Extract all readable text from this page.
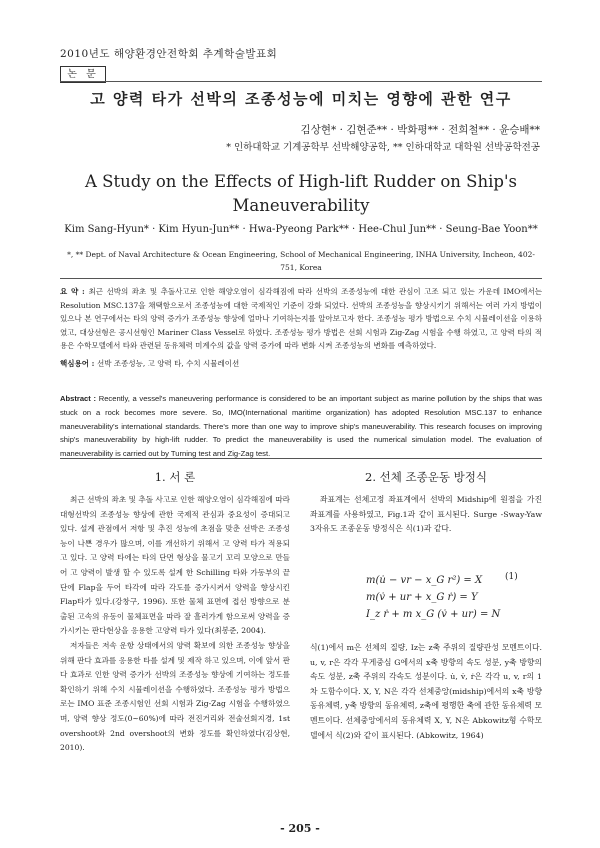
2010년도 해양환경안전학회 추계학술발표회
논 문
고 양력 타가 선박의 조종성능에 미치는 영향에 관한 연구
김상현* · 김현준** · 박화평** · 전희철** · 윤승배**
* 인하대학교 기계공학부 선박해양공학, ** 인하대학교 대학원 선박공학전공
A Study on the Effects of High-lift Rudder on Ship's
Maneuverability
Kim Sang-Hyun* · Kim Hyun-Jun** · Hwa-Pyeong Park** · Hee-Chul Jun** · Seung-Bae Yoon**
*, ** Dept. of Naval Architecture & Ocean Engineering, School of Mechanical Engineering, INHA University, Incheon, 402-751, Korea
요 약 : 최근 선박의 좌초 및 추돌사고로 인한 해양오염이 심각해짐에 따라 선박의 조종성능에 대한 관심이 고조 되고 있는 가운데 IMO에서는 Resolution MSC.137을 채택함으로서 조종성능에 대한 국제적인 기준이 강화 되었다. 선박의 조종성능을 향상시키기 위해서는 여러 가지 방법이 있으나 본 연구에서는 타의 양력 증가가 조종성능 향상에 얼마나 기여하는지를 알아보고자 한다. 조종성능 평가 방법으로 수치 시뮬레이션을 이용하였고, 대상선형은 공시선형인 Mariner Class Vessel로 하였다. 조종성능 평가 방법은 선회 시험과 Zig-Zag 시험을 수행 하였고, 고 양력 타의 적용은 수학모델에서 타와 관련된 동유체력 미계수의 값을 양력 증가에 따라 변화 시켜 조종성능의 변화를 예측하였다.
핵심용어 : 선박 조종성능, 고 양력 타, 수치 시뮬레이션
Abstract : Recently, a vessel's maneuvering performance is considered to be an important subject as marine pollution by the ships that was stuck on a rock becomes more severe. So, IMO(International maritime organization) has adopted Resolution MSC.137 to enhance maneuverability's international standards. There's more than one way to improve ship's maneuverability. This research focuses on improving ship's maneuverability by high-lift rudder. To predict the maneuverability is used the numerical simulation model. The evaluation of maneuverability is carried out by Turning test and Zig-Zag test.
1. 서 론	2. 선체 조종운동 방정식

최근 선박의 좌초 및 추돌 사고로 인한 해양오염이 심각해짐에 따라 대형선박의 조종성능 향상에 관한 국제적 관심과 중요성이 증대되고 있다. 설계 관점에서 저항 및 추진 성능에 초점을 맞춘 선박은 조종성능이 나쁜 경우가 많으며, 이를 개선하기 위해서 고 양력 타가 적용되고 있다. 고 양력 타에는 타의 단면 형상을 물고기 꼬리 모양으로 만들어 고 양력이 발생 할 수 있도록 설계 한 Schilling 타와 가동부의 끝단에 Flap을 두어 타각에 따라 각도를 증가시켜서 양력을 향상시킨 Flap타가 있다.(강창구, 1996). 또한 물체 표면에 접선 방향으로 분출된 고속의 유동이 물체표면을 따라 잘 흘러가게 함으로써 양력을 증가시키는 판다현상을 응용한 고양력 타가 있다(최봉준, 2004).

저자들은 저속 운항 상태에서의 양력 확보에 의한 조종성능 향상을 위해 판다 효과를 응용한 타를 설계 및 제작 하고 있으며, 이에 앞서 판다 효과로 인한 양력 증가가 선박의 조종성능 향상에 기여하는 정도를 확인하기 위해 수치 시뮬레이션을 수행하였다. 조종성능 평가 방법으로는 IMO 표준 조종시험인 선회 시험과 Zig-Zag 시험을 수행하였으며, 양력 향상 정도(0~60%)에 따라 전진거리와 전술선회지경, 1st overshoot와 2nd overshoot의 변화 정도를 확인하였다(김상현, 2010).

좌표계는 선체고정 좌표계에서 선박의 Midship에 원점을 가진 좌표계를 사용하였고, Fig.1과 같이 표시된다. Surge -Sway-Yaw 3자유도 조종운동 방정식은 식(1)과 같다.

m(u̇ − vr − x_G r²) = X
m(v̇ + ur + x_G ṙ) = Y
I_z ṙ + m x_G (v̇ + ur) = N
(1)

식(1)에서 m은 선체의 질량, Iz는 z축 주위의 질량관성 모멘트이다. u, v, r은 각각 무게중심 G에서의 x축 방향의 속도 성분, y축 방향의 속도 성분, z축 주위의 각속도 성분이다. u̇, v̇, ṙ은 각각 u, v, r의 1차 도함수이다. X, Y, N은 각각 선체중앙(midship)에서의 x축 방향 동유체력, y축 방향의 동유체력, z축에 평행한 축에 관한 동유체력 모멘트이다. 선체중앙에서의 동유체력 X, Y, N은 Abkowitz형 수학모델에서 식(2)와 같이 표시된다. (Abkowitz, 1964)

- 205 -
